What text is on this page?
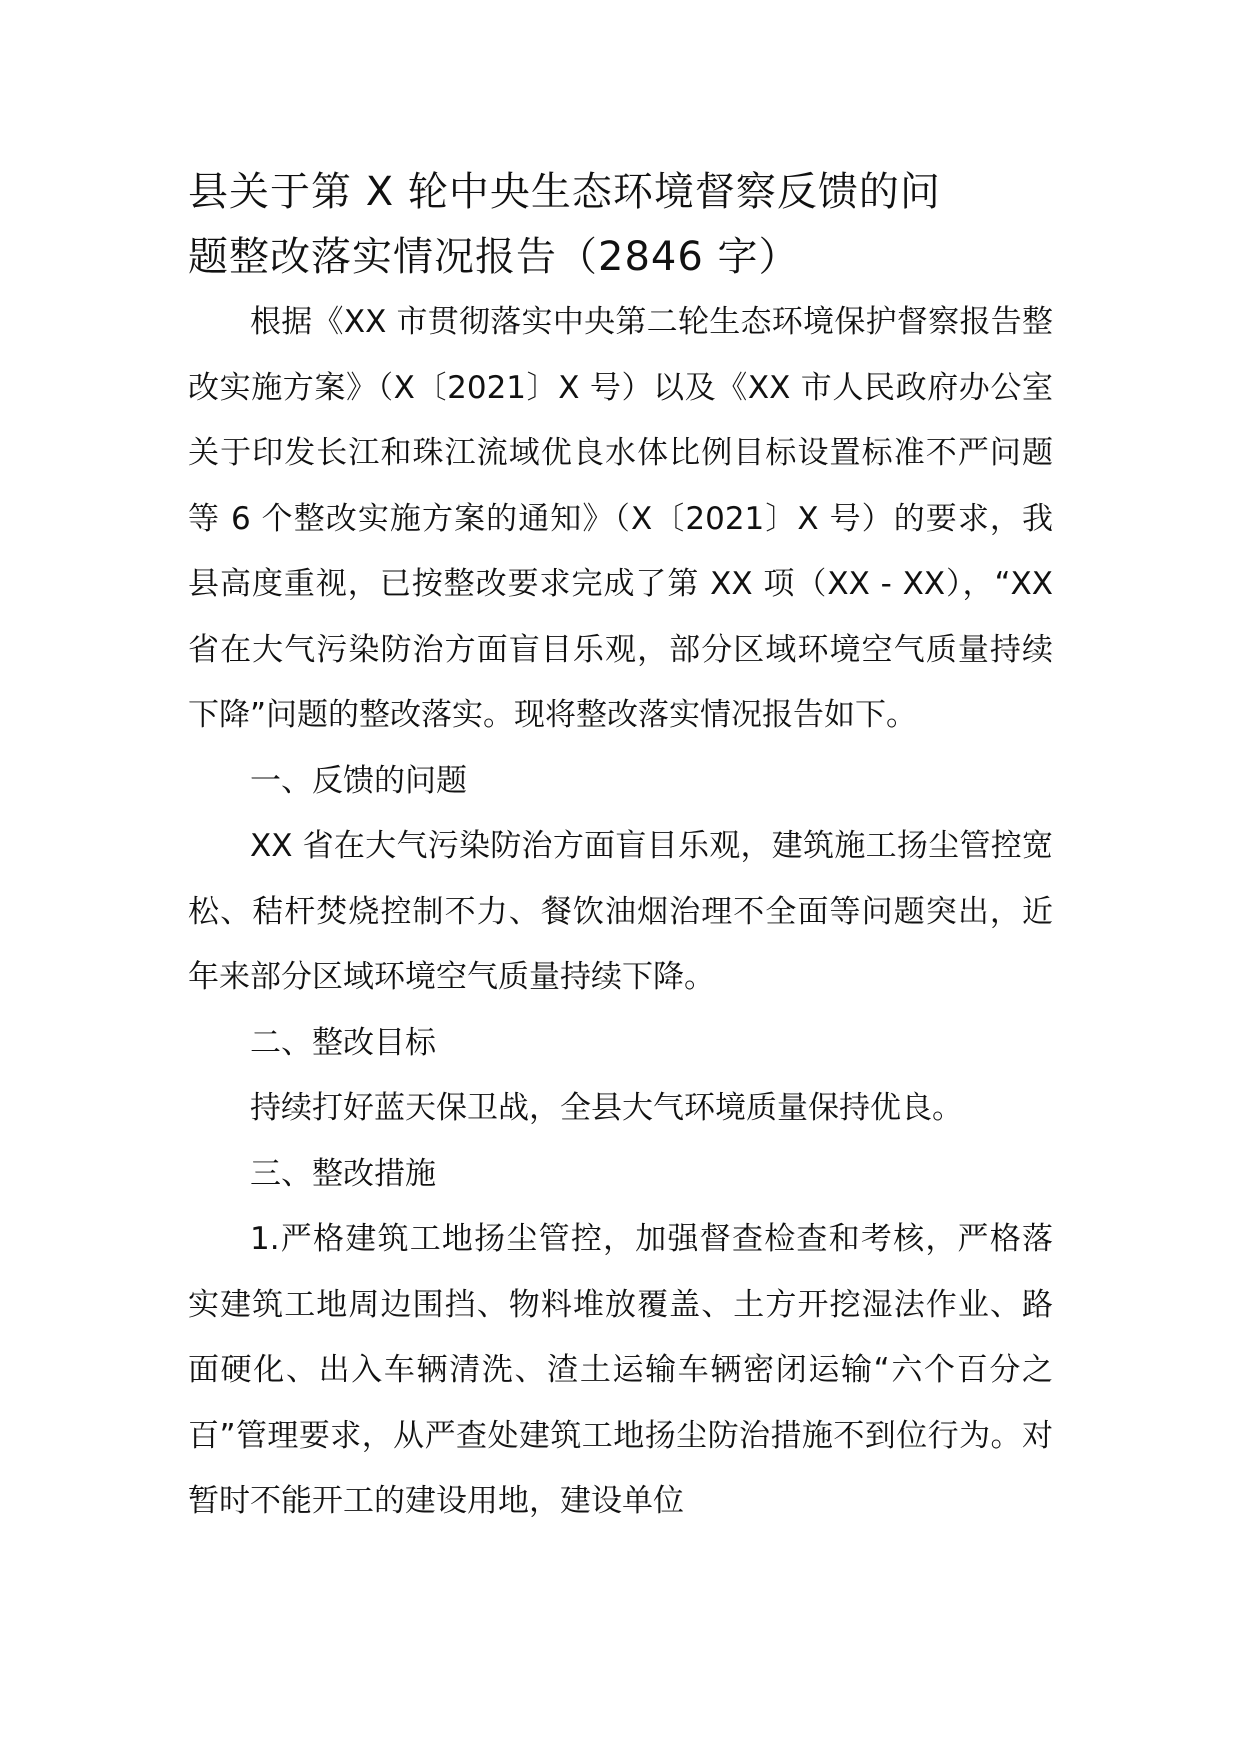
县关于第 X 轮中央生态环境督察反馈的问
题整改落实情况报告（2846 字）

根据《XX 市贯彻落实中央第二轮生态环境保护督察报告整改实施方案》（X〔2021〕X 号）以及《XX 市人民政府办公室关于印发长江和珠江流域优良水体比例目标设置标准不严问题等 6 个整改实施方案的通知》（X〔2021〕X 号）的要求，我县高度重视，已按整改要求完成了第 XX 项（XX - XX），“XX 省在大气污染防治方面盲目乐观，部分区域环境空气质量持续下降”问题的整改落实。现将整改落实情况报告如下。

一、反馈的问题

XX 省在大气污染防治方面盲目乐观，建筑施工扬尘管控宽松、秸杆焚烧控制不力、餐饮油烟治理不全面等问题突出，近年来部分区域环境空气质量持续下降。

二、整改目标

持续打好蓝天保卫战，全县大气环境质量保持优良。

三、整改措施

1.严格建筑工地扬尘管控，加强督查检查和考核，严格落实建筑工地周边围挡、物料堆放覆盖、土方开挖湿法作业、路面硬化、出入车辆清洗、渣土运输车辆密闭运输“六个百分之百”管理要求，从严查处建筑工地扬尘防治措施不到位行为。对暂时不能开工的建设用地，建设单位
